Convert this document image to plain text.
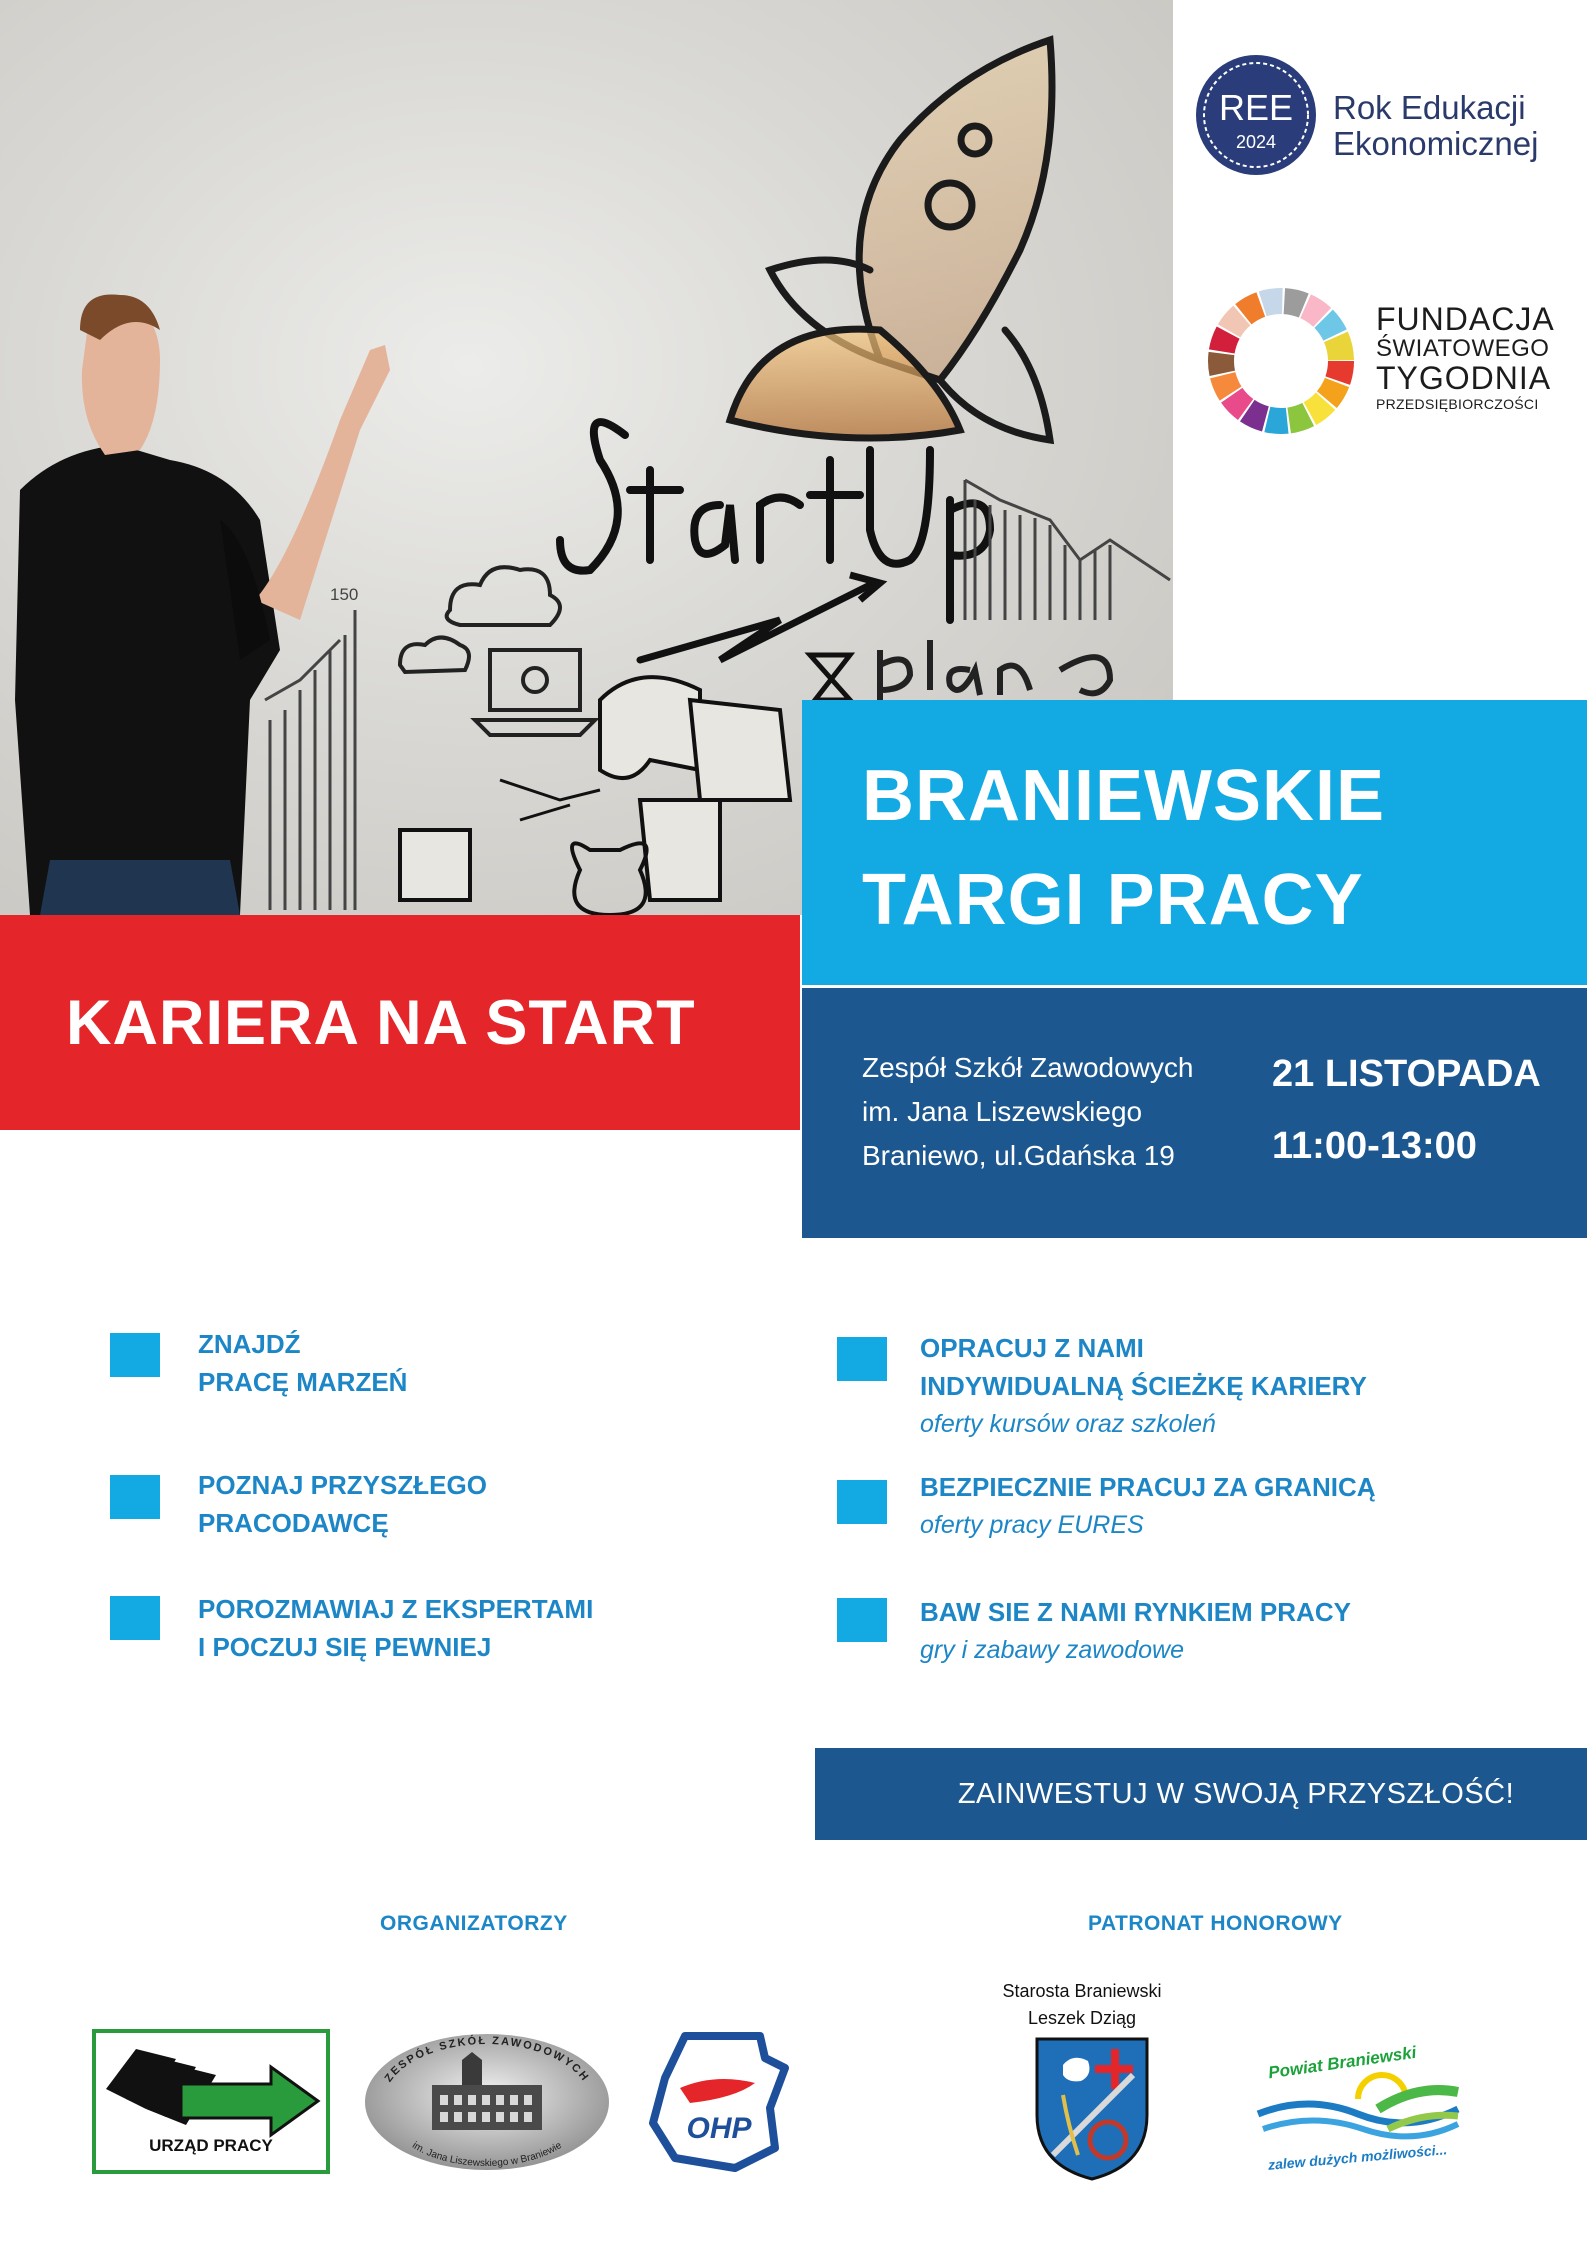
150
REE
2024
Rok Edukacji
Ekonomicznej
FUNDACJA
ŚWIATOWEGO
TYGODNIA
PRZEDSIĘBIORCZOŚCI
BRANIEWSKIE
TARGI PRACY
KARIERA NA START
Zespół Szkół Zawodowych
im. Jana Liszewskiego
Braniewo, ul.Gdańska 19
21 LISTOPADA
11:00-13:00
ZNAJDŹ
PRACĘ MARZEŃ
POZNAJ PRZYSZŁEGO
PRACODAWCĘ
POROZMAWIAJ Z EKSPERTAMI
I POCZUJ SIĘ PEWNIEJ
OPRACUJ Z NAMI
INDYWIDUALNĄ ŚCIEŻKĘ KARIERY
oferty kursów oraz szkoleń
BEZPIECZNIE PRACUJ ZA GRANICĄ
oferty pracy EURES
BAW SIE Z NAMI RYNKIEM PRACY
gry i zabawy zawodowe
ZAINWESTUJ W SWOJĄ PRZYSZŁOŚĆ!
ORGANIZATORZY	PATRONAT HONOROWY
Starosta Braniewski
Leszek Dziąg
URZĄD PRACY
ZESPÓŁ SZKÓŁ ZAWODOWYCH
im. Jana Liszewskiego w Braniewie
OHP
Powiat Braniewski
zalew dużych możliwości...
